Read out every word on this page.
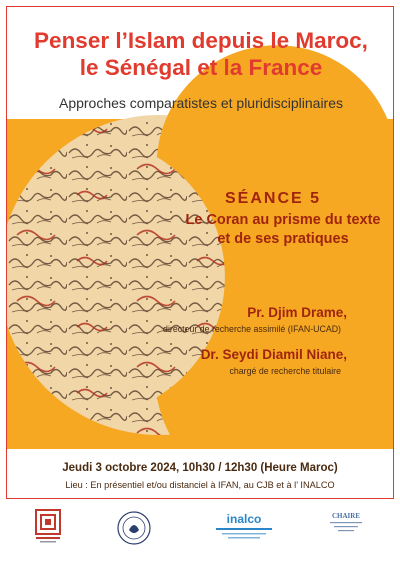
Penser l’Islam depuis le Maroc,
le Sénégal et la France

Approches comparatistes et pluridisciplinaires

SÉANCE 5
Le Coran au prisme du texte
et de ses pratiques

Pr. Djim Drame,

directeur de recherche assimilé (IFAN-UCAD)

Dr. Seydi Diamil Niane,

chargé de recherche titulaire

Jeudi 3 octobre 2024, 10h30 / 12h30 (Heure Maroc)
Lieu : En présentiel et/ou distanciel à IFAN, au CJB et à l’ INALCO
inalco	CHAIRE
